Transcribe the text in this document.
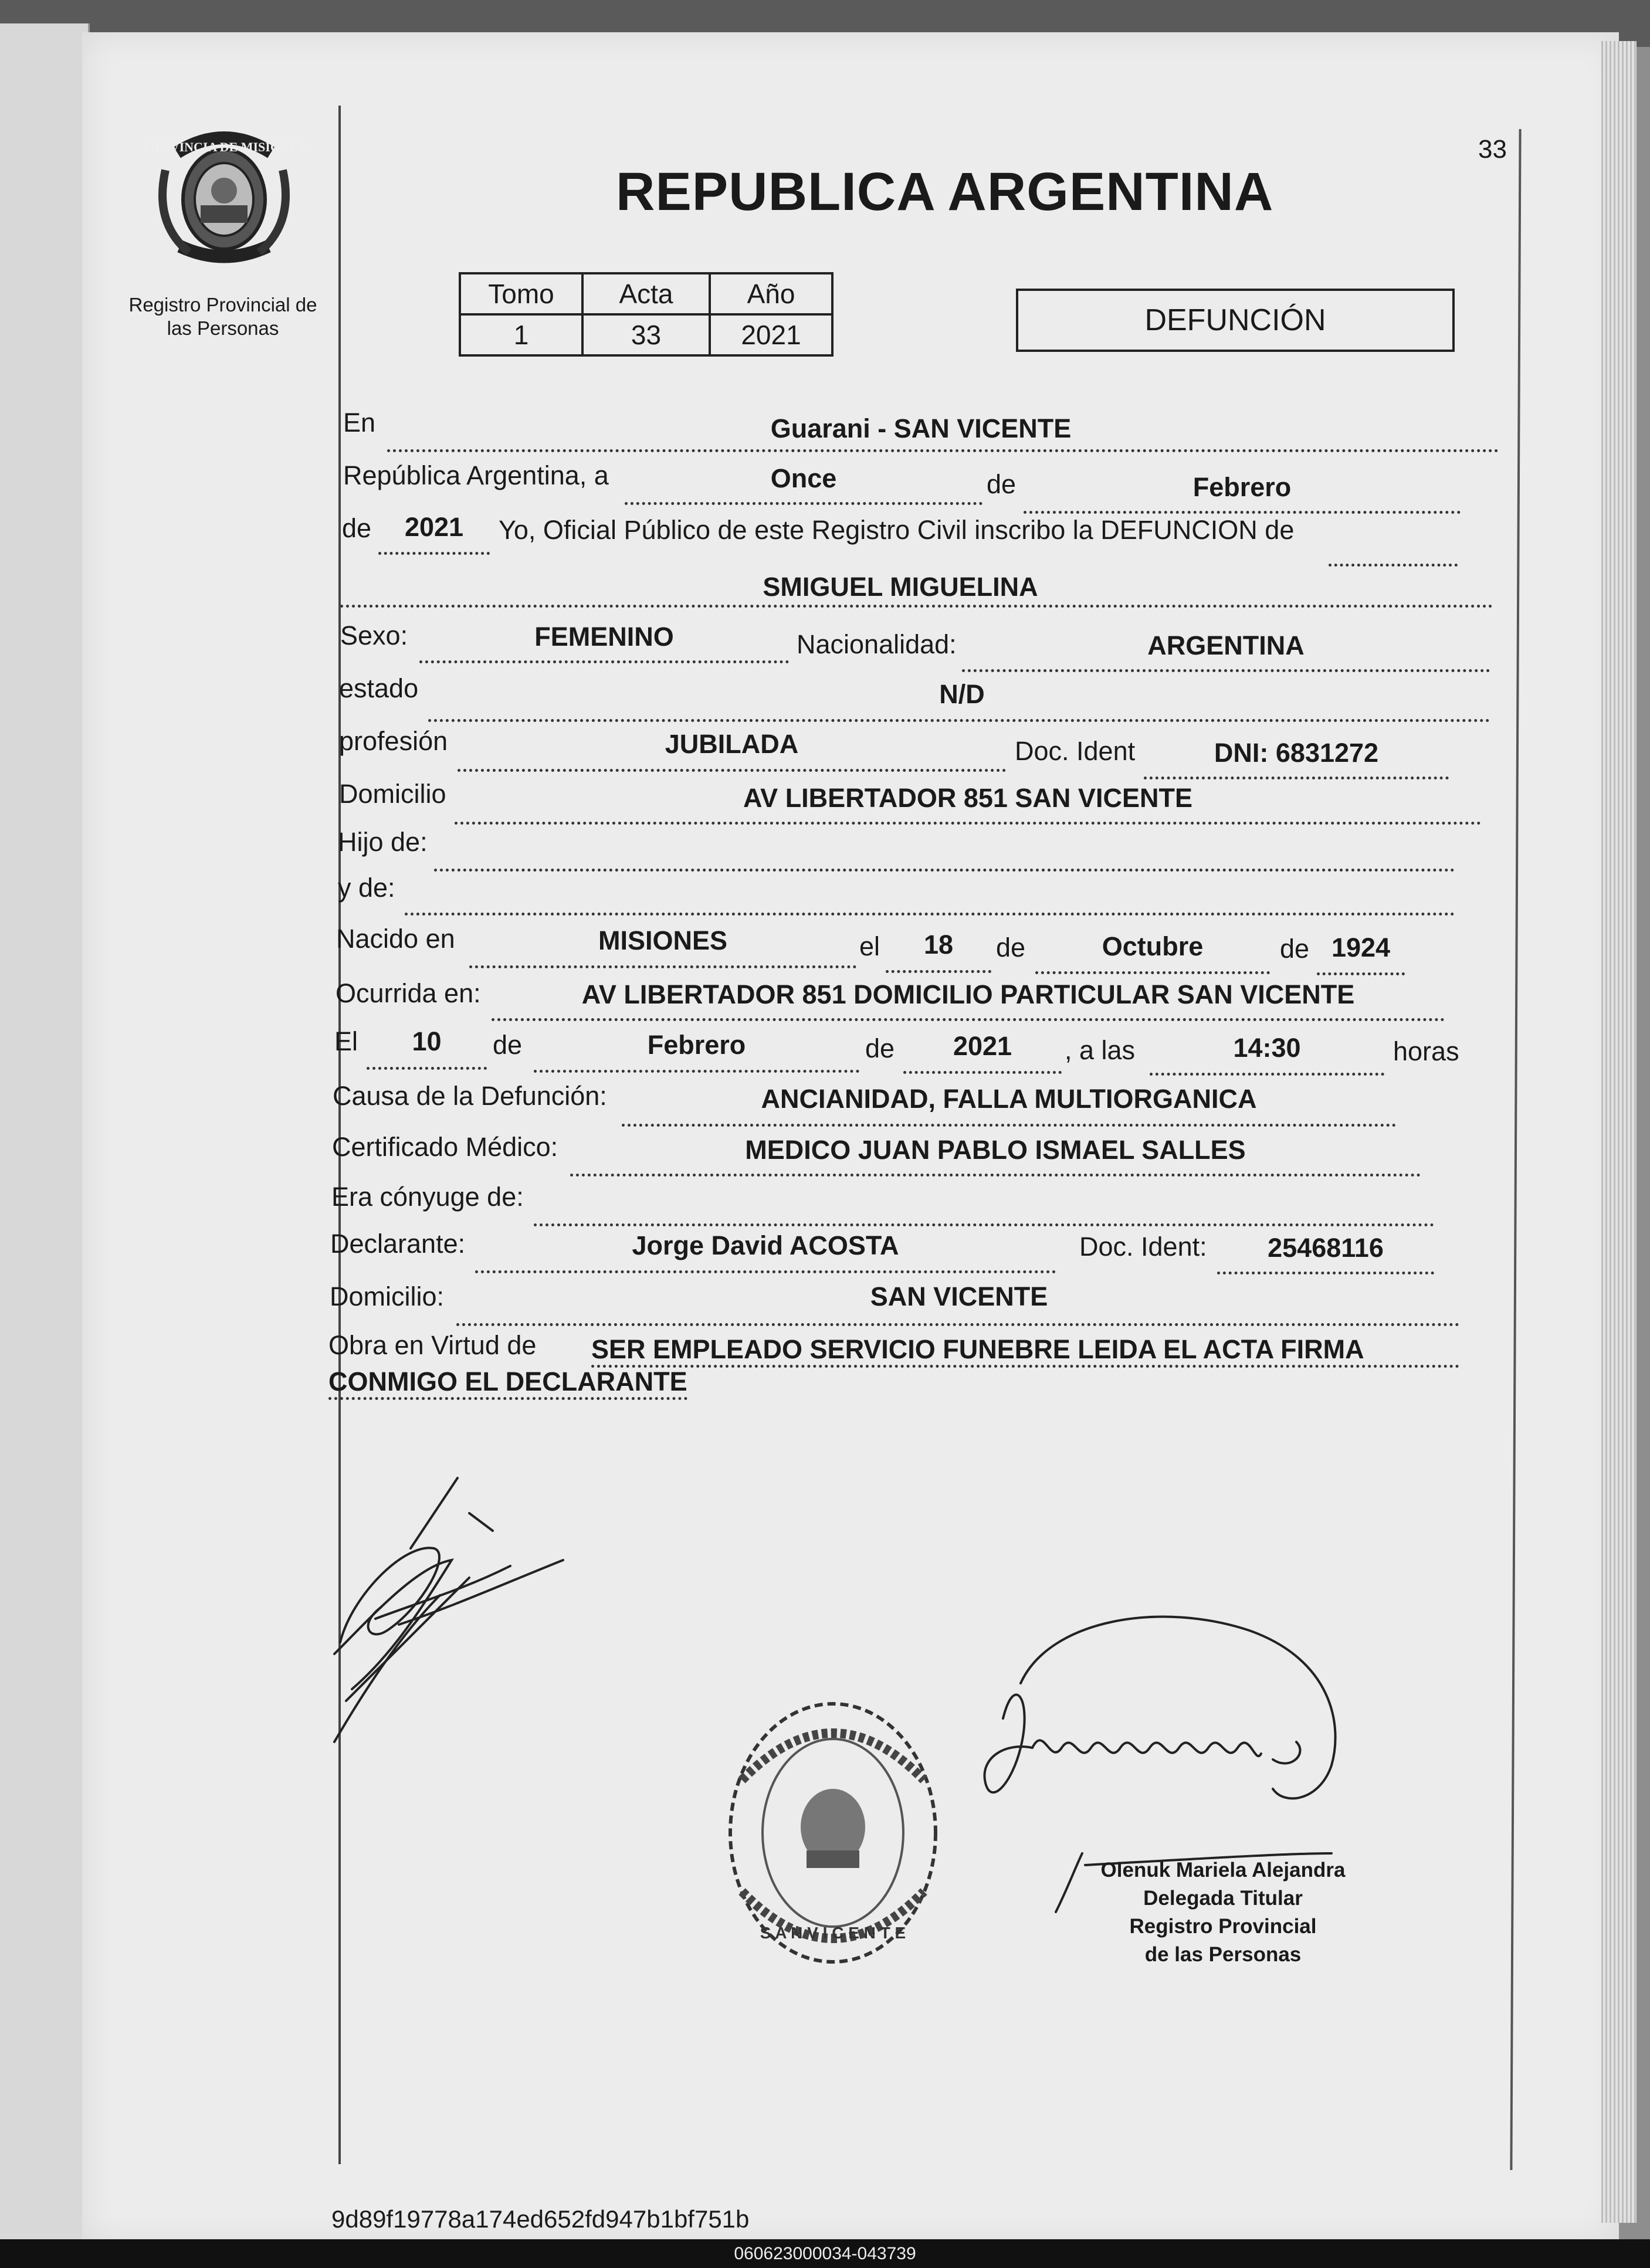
33
PROVINCIA DE MISIONES
Registro Provincial de
las Personas
REPUBLICA ARGENTINA
Tomo	Acta	Año
1	33	2021	DEFUNCIÓN
En	Guarani - SAN VICENTE
República Argentina, a	Once	de	Febrero
de	2021	Yo, Oficial Público de este Registro Civil inscribo la DEFUNCION de
SMIGUEL MIGUELINA
Sexo:	FEMENINO	Nacionalidad:	ARGENTINA
estado	N/D
profesión	JUBILADA	Doc. Ident	DNI: 6831272
Domicilio	AV LIBERTADOR 851 SAN VICENTE
Hijo de:
y de:
Nacido en	MISIONES	el	18	de	Octubre	de 1924
Ocurrida en:	AV LIBERTADOR 851 DOMICILIO PARTICULAR SAN VICENTE
El	10	de	Febrero	de	2021	, a las	14:30	horas
Causa de la Defunción:	ANCIANIDAD, FALLA MULTIORGANICA
Certificado Médico:	MEDICO JUAN PABLO ISMAEL SALLES
Era cónyuge de:
Declarante:	Jorge David ACOSTA	Doc. Ident:	25468116
Domicilio:	SAN VICENTE
Obra en Virtud de SER EMPLEADO SERVICIO FUNEBRE LEIDA EL ACTA FIRMA
CONMIGO EL DECLARANTE
S A N V I C E N T E
Olenuk Mariela Alejandra
Delegada Titular
Registro Provincial
de las Personas
9d89f19778a174ed652fd947b1bf751b
060623000034-043739
